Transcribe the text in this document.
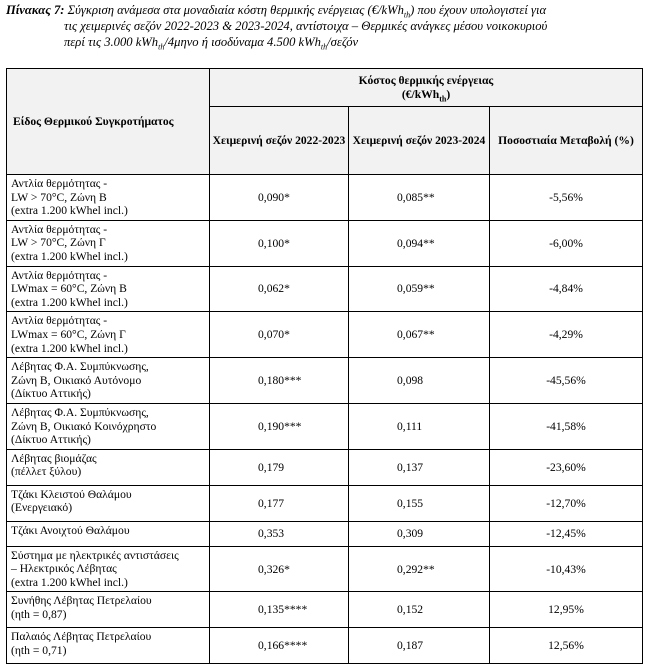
Πίνακας 7: Σύγκριση ανάμεσα στα μοναδιαία κόστη θερμικής ενέργειας (€/kWh$_{th}$) που έχουν υπολογιστεί για
τις χειμερινές σεζόν 2022-2023 & 2023-2024, αντίστοιχα – Θερμικές ανάγκες μέσου νοικοκυριού
περί τις 3.000 kWh$_{th}$/4μηνο ή ισοδύναμα 4.500 kWh$_{th}$/σεζόν
Είδος Θερμικού Συγκροτήματος	Κόστος θερμικής ενέργειας
(€/kWh$_{th}$)		
	Χειμερινή σεζόν 2022-2023	Χειμερινή σεζόν 2023-2024	Ποσοστιαία Μεταβολή (%)

Αντλία θερμότητας -
LW > 70°C, Ζώνη Β
(extra 1.200 kWhel incl.)	0,090*	0,085**	-5,56%

Αντλία θερμότητας -
LW > 70°C, Ζώνη Γ
(extra 1.200 kWhel incl.)	0,100*	0,094**	-6,00%

Αντλία θερμότητας -
LWmax = 60°C, Ζώνη Β
(extra 1.200 kWhel incl.)	0,062*	0,059**	-4,84%

Αντλία θερμότητας -
LWmax = 60°C, Ζώνη Γ
(extra 1.200 kWhel incl.)	0,070*	0,067**	-4,29%

Λέβητας Φ.Α. Συμπύκνωσης,
Ζώνη Β, Οικιακό Αυτόνομο
(Δίκτυο Αττικής)	0,180***	0,098	-45,56%

Λέβητας Φ.Α. Συμπύκνωσης,
Ζώνη Β, Οικιακό Κοινόχρηστο
(Δίκτυο Αττικής)	0,190***	0,111	-41,58%

Λέβητας βιομάζας
(πέλλετ ξύλου)	0,179	0,137	-23,60%

Τζάκι Κλειστού Θαλάμου
(Ενεργειακό)	0,177	0,155	-12,70%

Τζάκι Ανοιχτού Θαλάμου	0,353	0,309	-12,45%

Σύστημα με ηλεκτρικές αντιστάσεις
– Ηλεκτρικός Λέβητας
(extra 1.200 kWhel incl.)	0,326*	0,292**	-10,43%

Συνήθης Λέβητας Πετρελαίου
(ηth = 0,87)	0,135****	0,152	12,95%

Παλαιός Λέβητας Πετρελαίου
(ηth = 0,71)	0,166****	0,187	12,56%
